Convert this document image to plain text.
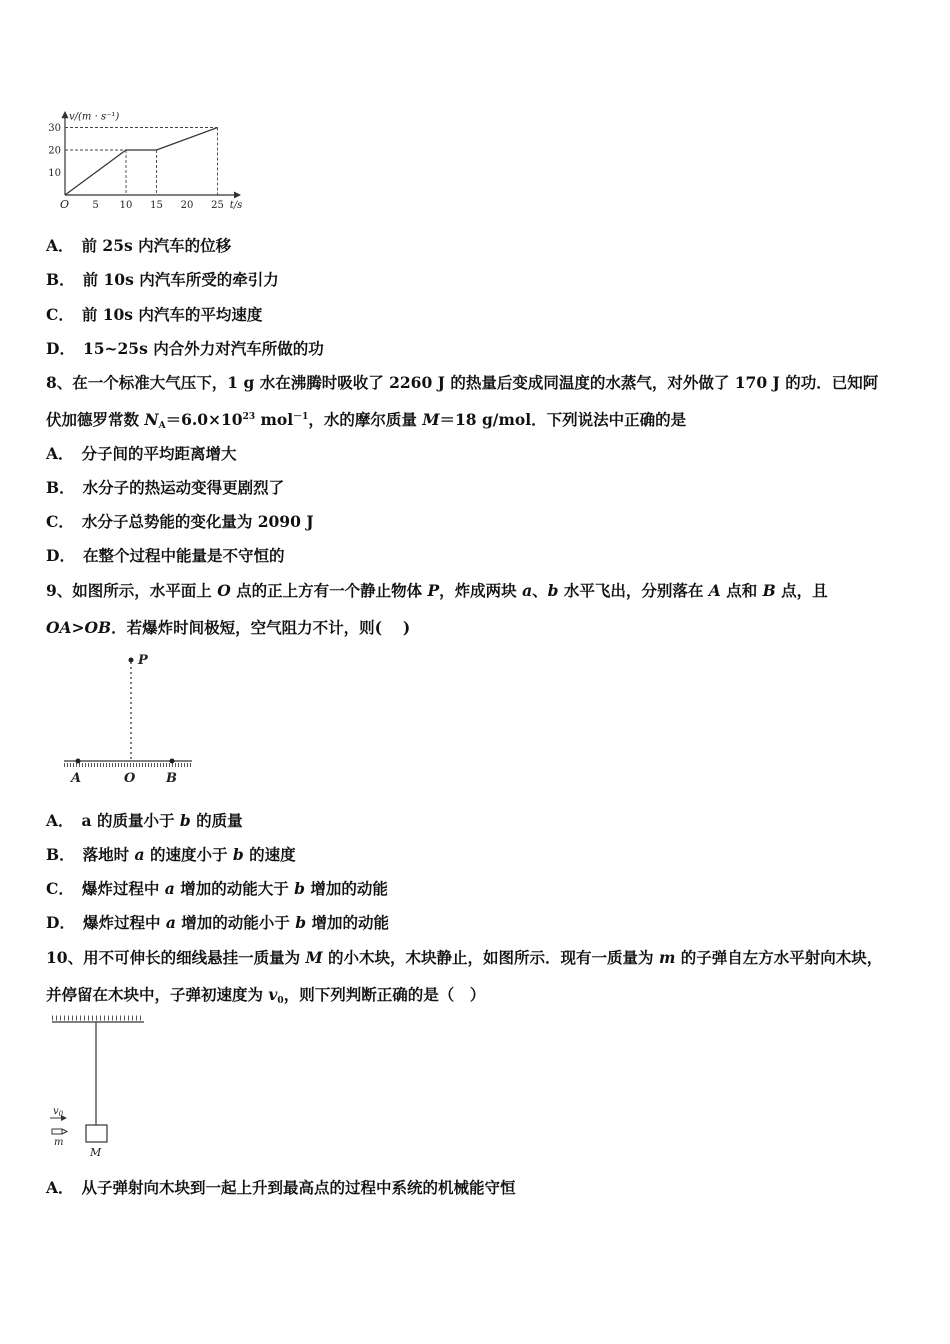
5 10 15 20 25
10
20
30
v/(m · s⁻¹)
t/s
O
A． 前 25s 内汽车的位移
B． 前 10s 内汽车所受的牵引力
C． 前 10s 内汽车的平均速度
D． 15~25s 内合外力对汽车所做的功
8、在一个标准大气压下，1 g 水在沸腾时吸收了 2260 J 的热量后变成同温度的水蒸气，对外做了 170 J 的功．已知阿
伏加德罗常数 $N_A=6.0\times 10^{23}$ mol$^{-1}$，水的摩尔质量 M＝18 g/mol．下列说法中正确的是
A． 分子间的平均距离增大
B． 水分子的热运动变得更剧烈了
C． 水分子总势能的变化量为 2090 J
D． 在整个过程中能量是不守恒的
9、如图所示，水平面上 O 点的正上方有一个静止物体 P，炸成两块 a、b 水平飞出，分别落在 A 点和 B 点，且
OA>OB．若爆炸时间极短，空气阻力不计，则(　 )
P
A	O B
A． a 的质量小于 b 的质量
B． 落地时 a 的速度小于 b 的速度
C． 爆炸过程中 a 增加的动能大于 b 增加的动能
D． 爆炸过程中 a 增加的动能小于 b 增加的动能
10、用不可伸长的细线悬挂一质量为 M 的小木块，木块静止，如图所示．现有一质量为 m 的子弹自左方水平射向木块，
并停留在木块中，子弹初速度为 $v_0$，则下列判断正确的是（　）
M
$v_0$
m
A． 从子弹射向木块到一起上升到最高点的过程中系统的机械能守恒
